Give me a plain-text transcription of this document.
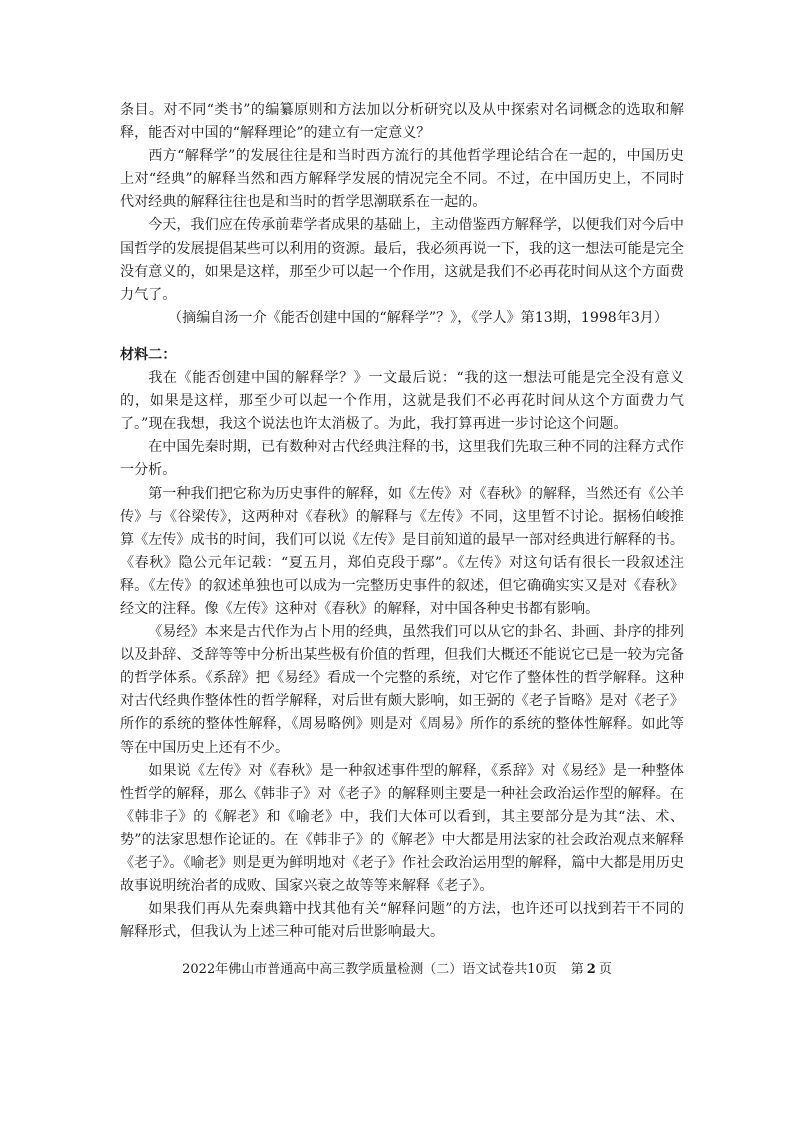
条目。对不同“类书”的编纂原则和方法加以分析研究以及从中探索对名词概念的选取和解释，能否对中国的“解释理论”的建立有一定意义？

西方“解释学”的发展往往是和当时西方流行的其他哲学理论结合在一起的，中国历史上对“经典”的解释当然和西方解释学发展的情况完全不同。不过，在中国历史上，不同时代对经典的解释往往也是和当时的哲学思潮联系在一起的。

今天，我们应在传承前辈学者成果的基础上，主动借鉴西方解释学，以便我们对今后中国哲学的发展提倡某些可以利用的资源。最后，我必须再说一下，我的这一想法可能是完全没有意义的，如果是这样，那至少可以起一个作用，这就是我们不必再花时间从这个方面费力气了。

（摘编自汤一介《能否创建中国的“解释学”？》，《学人》第13期，1998年3月）
材料二：

我在《能否创建中国的解释学？》一文最后说：“我的这一想法可能是完全没有意义的，如果是这样，那至少可以起一个作用，这就是我们不必再花时间从这个方面费力气了。”现在我想，我这个说法也许太消极了。为此，我打算再进一步讨论这个问题。

在中国先秦时期，已有数种对古代经典注释的书，这里我们先取三种不同的注释方式作一分析。

第一种我们把它称为历史事件的解释，如《左传》对《春秋》的解释，当然还有《公羊传》与《谷梁传》，这两种对《春秋》的解释与《左传》不同，这里暂不讨论。据杨伯峻推算《左传》成书的时间，我们可以说《左传》是目前知道的最早一部对经典进行解释的书。《春秋》隐公元年记载：“夏五月，郑伯克段于鄢”。《左传》对这句话有很长一段叙述注释。《左传》的叙述单独也可以成为一完整历史事件的叙述，但它确确实实又是对《春秋》经文的注释。像《左传》这种对《春秋》的解释，对中国各种史书都有影响。

《易经》本来是古代作为占卜用的经典，虽然我们可以从它的卦名、卦画、卦序的排列以及卦辞、爻辞等等中分析出某些极有价值的哲理，但我们大概还不能说它已是一较为完备的哲学体系。《系辞》把《易经》看成一个完整的系统，对它作了整体性的哲学解释。这种对古代经典作整体性的哲学解释，对后世有颇大影响，如王弼的《老子旨略》是对《老子》所作的系统的整体性解释，《周易略例》则是对《周易》所作的系统的整体性解释。如此等等在中国历史上还有不少。

如果说《左传》对《春秋》是一种叙述事件型的解释，《系辞》对《易经》是一种整体性哲学的解释，那么《韩非子》对《老子》的解释则主要是一种社会政治运作型的解释。在《韩非子》的《解老》和《喻老》中，我们大体可以看到，其主要部分是为其“法、术、势”的法家思想作论证的。在《韩非子》的《解老》中大都是用法家的社会政治观点来解释《老子》。《喻老》则是更为鲜明地对《老子》作社会政治运用型的解释，篇中大都是用历史故事说明统治者的成败、国家兴衰之故等等来解释《老子》。

如果我们再从先秦典籍中找其他有关“解释问题”的方法，也许还可以找到若干不同的解释形式，但我认为上述三种可能对后世影响最大。

2022年佛山市普通高中高三教学质量检测（二）语文试卷共10页 第 2 页
